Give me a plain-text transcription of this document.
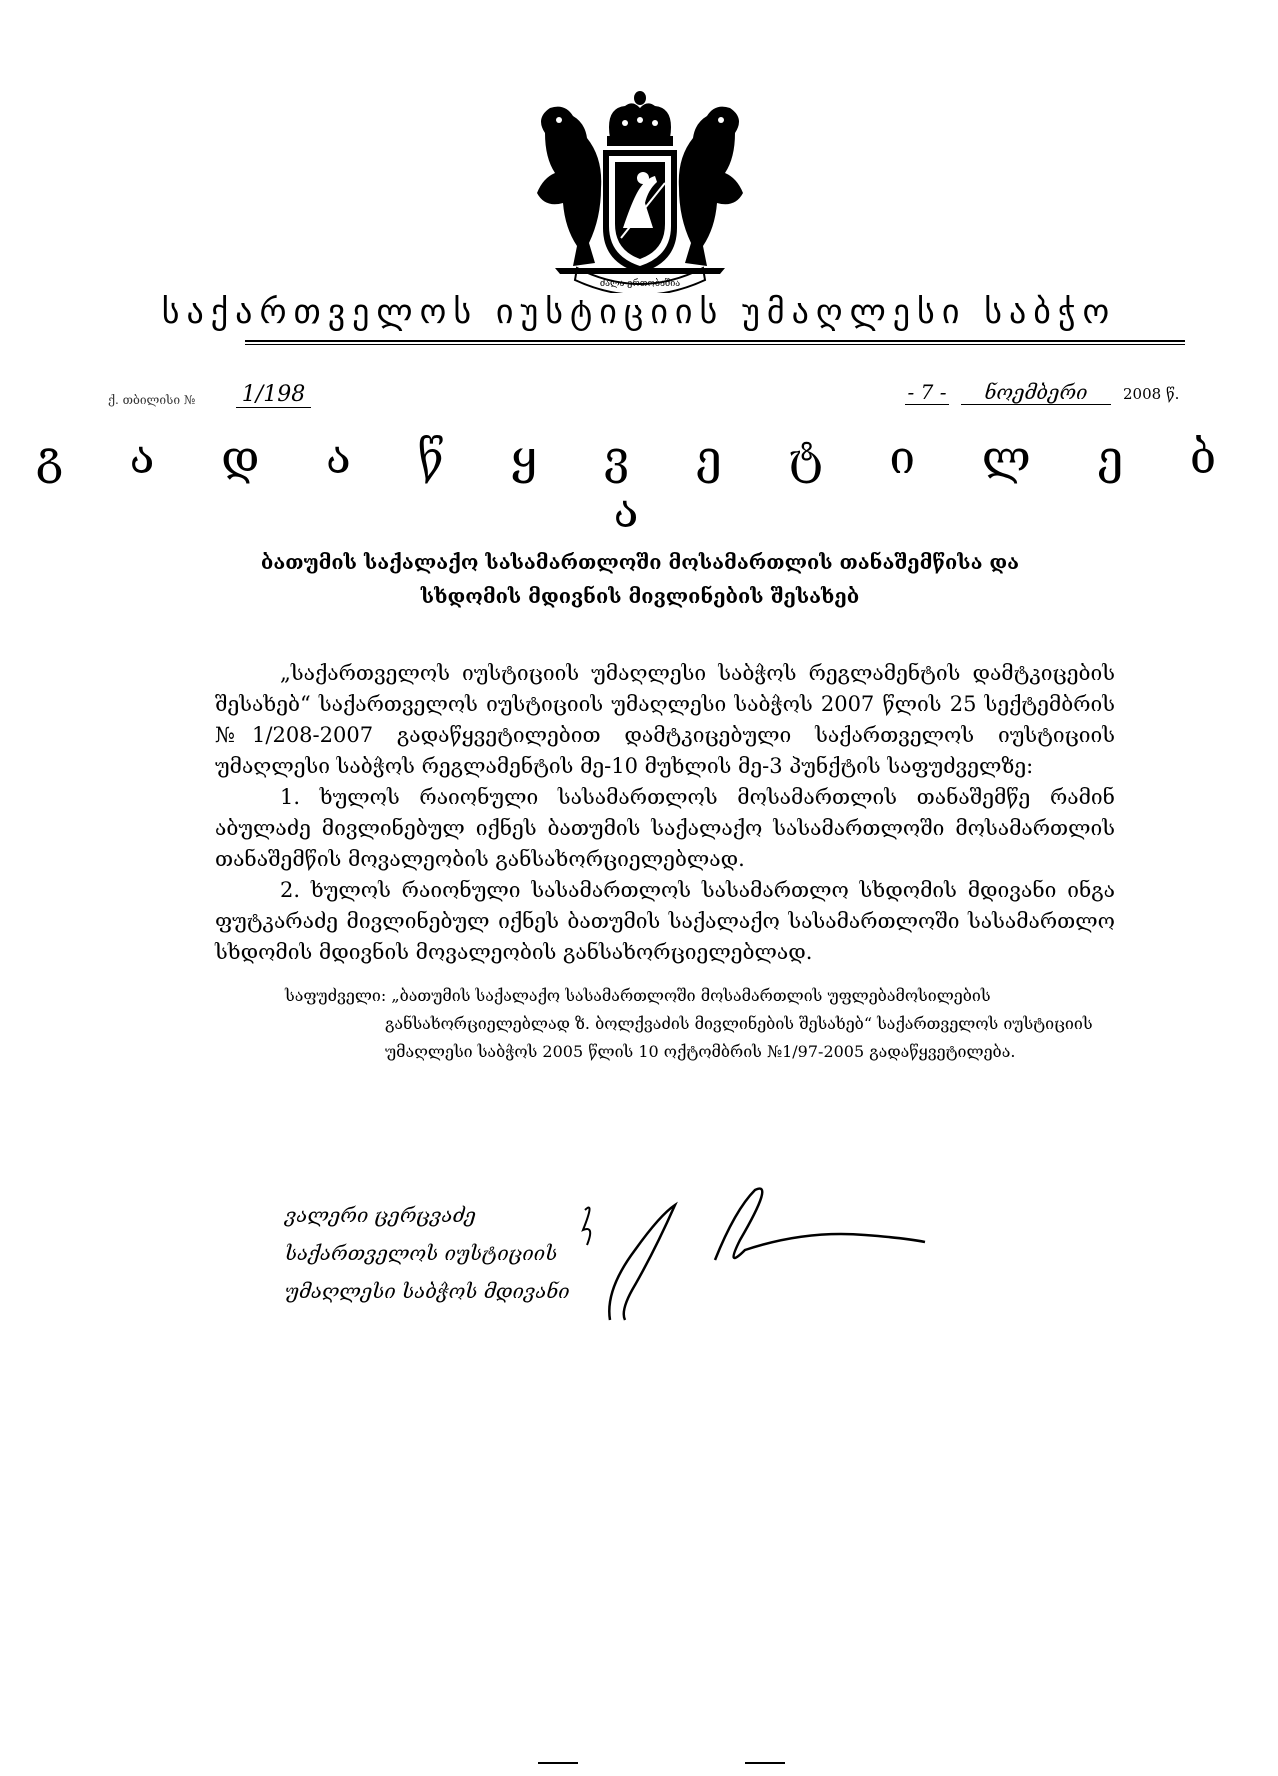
ძალა ერთობაშია
საქართველოს იუსტიციის უმაღლესი საბჭო
ქ. თბილისი № 1/198	- 7 - ნოემბერი 2008 წ.
გ ა დ ა წ ყ ვ ე ტ ი ლ ე ბ ა
ბათუმის საქალაქო სასამართლოში მოსამართლის თანაშემწისა და
სხდომის მდივნის მივლინების შესახებ

„საქართველოს იუსტიციის უმაღლესი საბჭოს რეგლამენტის დამტკიცების შესახებ“ საქართველოს იუსტიციის უმაღლესი საბჭოს 2007 წლის 25 სექტემბრის №1/208-2007 გადაწყვეტილებით დამტკიცებული საქართველოს იუსტიციის უმაღლესი საბჭოს რეგლამენტის მე-10 მუხლის მე-3 პუნქტის საფუძველზე:

1. ხულოს რაიონული სასამართლოს მოსამართლის თანაშემწე რამინ აბულაძე მივლინებულ იქნეს ბათუმის საქალაქო სასამართლოში მოსამართლის თანაშემწის მოვალეობის განსახორციელებლად.

2. ხულოს რაიონული სასამართლოს სასამართლო სხდომის მდივანი ინგა ფუტკარაძე მივლინებულ იქნეს ბათუმის საქალაქო სასამართლოში სასამართლო სხდომის მდივნის მოვალეობის განსახორციელებლად.

საფუძველი: „ბათუმის საქალაქო სასამართლოში მოსამართლის უფლებამოსილების
განსახორციელებლად ზ. ბოლქვაძის მივლინების შესახებ“ საქართველოს იუსტიციის
უმაღლესი საბჭოს 2005 წლის 10 ოქტომბრის №1/97-2005 გადაწყვეტილება.
ვალერი ცერცვაძე
საქართველოს იუსტიციის
უმაღლესი საბჭოს მდივანი
